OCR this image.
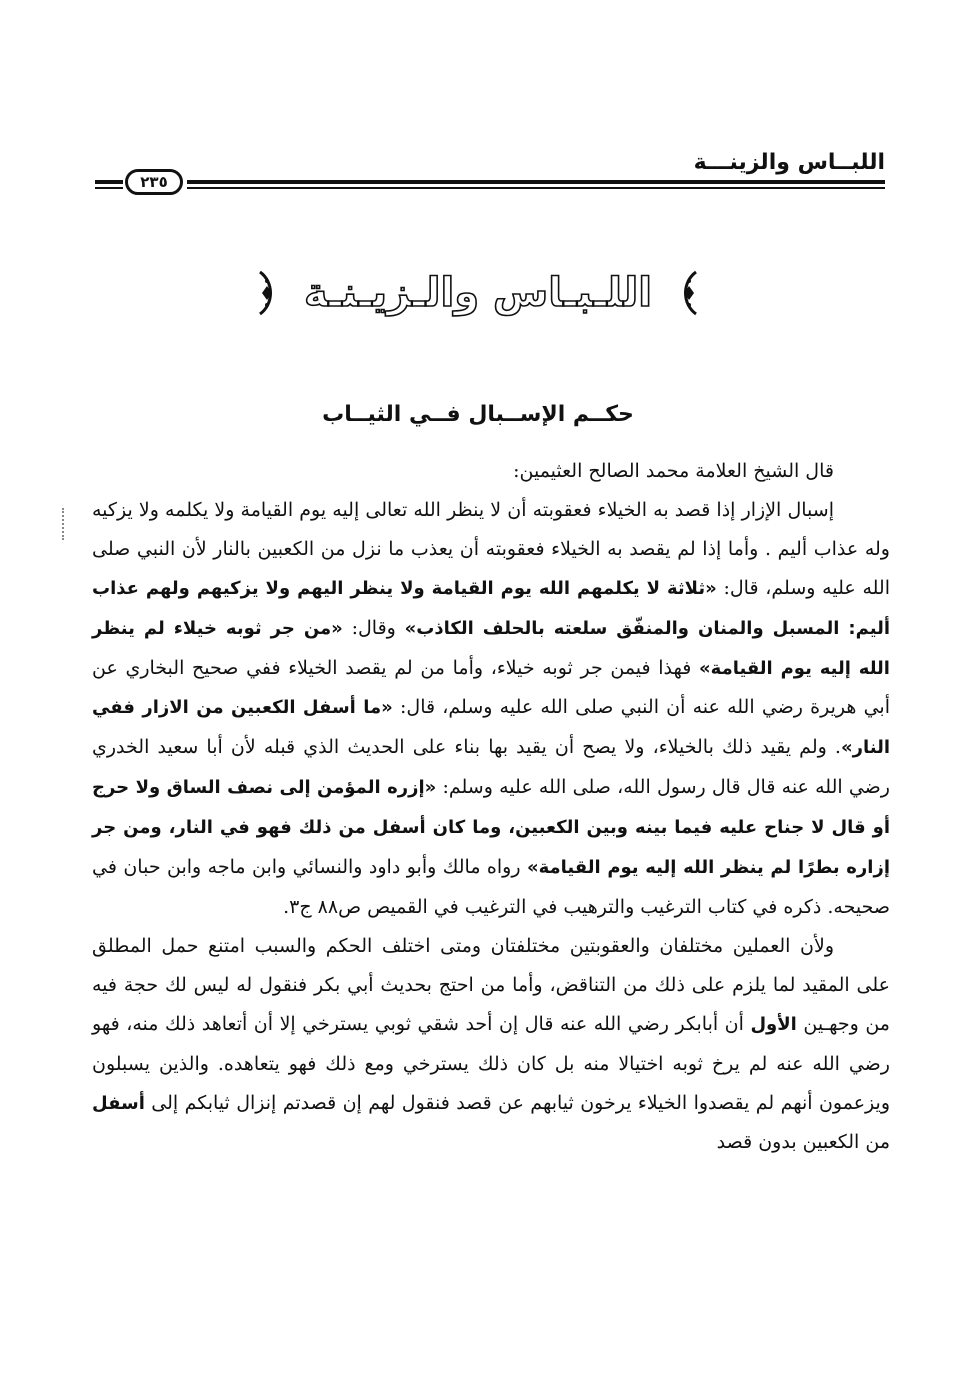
اللبــاس والزينـــة
٢٣٥
اللـبـاس والـزيـنـة
حكــم الإســبال فــي الثيــاب

قال الشيخ العلامة محمد الصالح العثيمين:

إسبال الإزار إذا قصد به الخيلاء فعقوبته أن لا ينظر الله تعالى إليه يوم القيامة ولا يكلمه ولا يزكيه وله عذاب أليم . وأما إذا لم يقصد به الخيلاء فعقوبته أن يعذب ما نزل من الكعبين بالنار لأن النبي صلى الله عليه وسلم، قال: «ثلاثة لا يكلمهم الله يوم القيامة ولا ينظر اليهم ولا يزكيهم ولهم عذاب أليم: المسبل والمنان والمنفّق سلعته بالحلف الكاذب» وقال: «من جر ثوبه خيلاء لم ينظر الله إليه يوم القيامة» فهذا فيمن جر ثوبه خيلاء، وأما من لم يقصد الخيلاء ففي صحيح البخاري عن أبي هريرة رضي الله عنه أن النبي صلى الله عليه وسلم، قال: «ما أسفل الكعبين من الازار ففي النار». ولم يقيد ذلك بالخيلاء، ولا يصح أن يقيد بها بناء على الحديث الذي قبله لأن أبا سعيد الخدري رضي الله عنه قال قال رسول الله، صلى الله عليه وسلم: «إزره المؤمن إلى نصف الساق ولا حرج أو قال لا جناح عليه فيما بينه وبين الكعبين، وما كان أسفل من ذلك فهو في النار، ومن جر إزاره بطرًا لم ينظر الله إليه يوم القيامة» رواه مالك وأبو داود والنسائي وابن ماجه وابن حبان في صحيحه. ذكره في كتاب الترغيب والترهيب في الترغيب في القميص ص٨٨ ج٣.

ولأن العملين مختلفان والعقوبتين مختلفتان ومتى اختلف الحكم والسبب امتنع حمل المطلق على المقيد لما يلزم على ذلك من التناقض، وأما من احتج بحديث أبي بكر فنقول له ليس لك حجة فيه من وجهـين الأول أن أبابكر رضي الله عنه قال إن أحد شقي ثوبي يسترخي إلا أن أتعاهد ذلك منه، فهو رضي الله عنه لم يرخ ثوبه اختيالا منه بل كان ذلك يسترخي ومع ذلك فهو يتعاهده. والذين يسبلون ويزعمون أنهم لم يقصدوا الخيلاء يرخون ثيابهم عن قصد فنقول لهم إن قصدتم إنزال ثيابكم إلى أسفل من الكعبين بدون قصد
